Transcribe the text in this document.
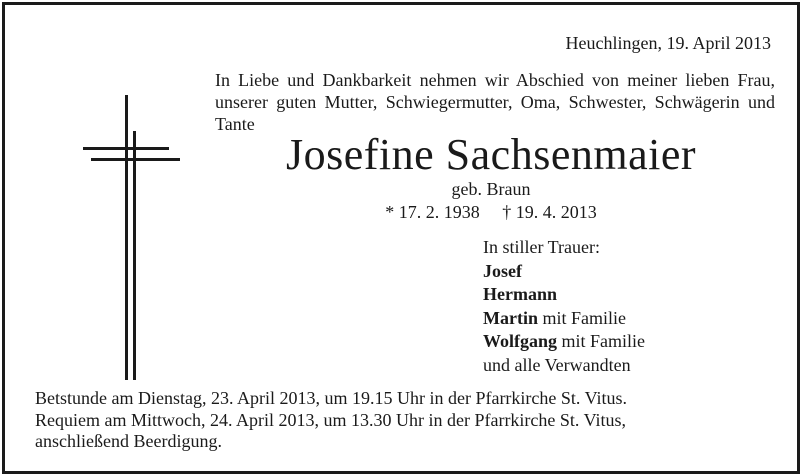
Heuchlingen, 19. April 2013
In Liebe und Dankbarkeit nehmen wir Abschied von meiner lieben Frau, unserer guten Mutter, Schwiegermutter, Oma, Schwester, Schwägerin und Tante
Josefine Sachsenmaier
geb. Braun
* 17. 2. 1938 † 19. 4. 2013
In stiller Trauer:
Josef
Hermann
Martin mit Familie
Wolfgang mit Familie
und alle Verwandten
Betstunde am Dienstag, 23. April 2013, um 19.15 Uhr in der Pfarrkirche St. Vitus.
Requiem am Mittwoch, 24. April 2013, um 13.30 Uhr in der Pfarrkirche St. Vitus,
anschließend Beerdigung.
